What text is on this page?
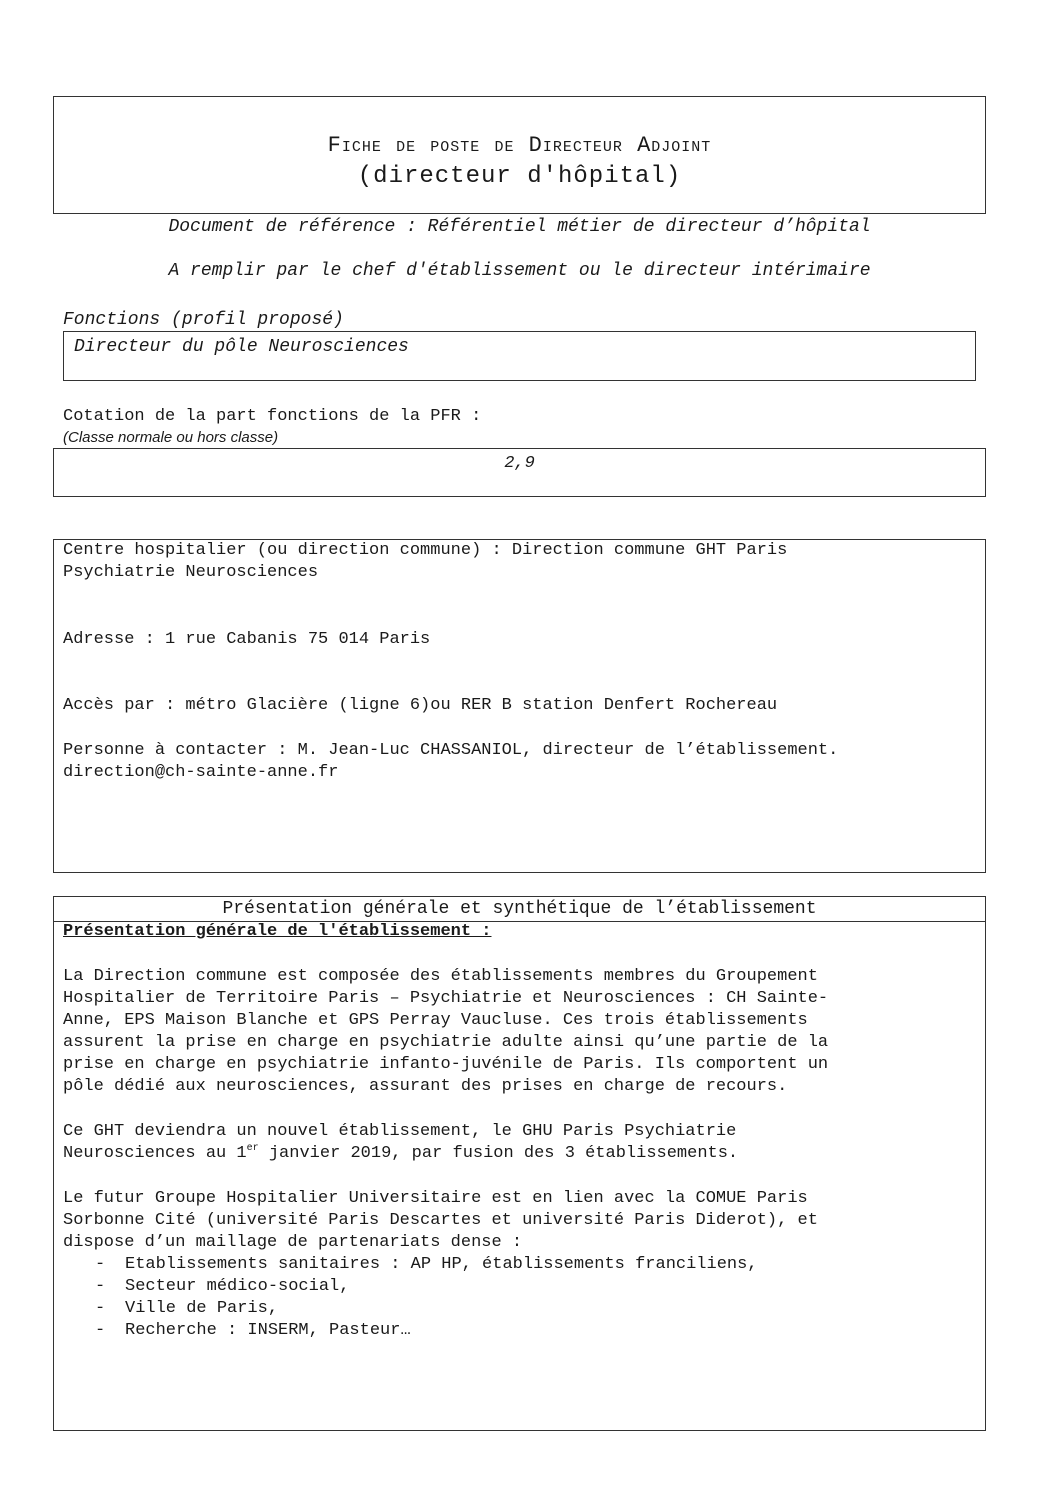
Fiche de poste de Directeur Adjoint
(directeur d'hôpital)
Document de référence : Référentiel métier de directeur d’hôpital
A remplir par le chef d'établissement ou le directeur intérimaire
Fonctions (profil proposé)
Directeur du pôle Neurosciences
Cotation de la part fonctions de la PFR :
(Classe normale ou hors classe)
2,9
Centre hospitalier (ou direction commune) : Direction commune GHT Paris
Psychiatrie Neurosciences
Adresse : 1 rue Cabanis 75 014 Paris
Accès par : métro Glacière (ligne 6)ou RER B station Denfert Rochereau
Personne à contacter : M. Jean-Luc CHASSANIOL, directeur de l’établissement.
direction@ch-sainte-anne.fr
Présentation générale et synthétique de l’établissement
Présentation générale de l'établissement :
La Direction commune est composée des établissements membres du Groupement
Hospitalier de Territoire Paris – Psychiatrie et Neurosciences : CH Sainte-
Anne, EPS Maison Blanche et GPS Perray Vaucluse. Ces trois établissements
assurent la prise en charge en psychiatrie adulte ainsi qu’une partie de la
prise en charge en psychiatrie infanto-juvénile de Paris. Ils comportent un
pôle dédié aux neurosciences, assurant des prises en charge de recours.
Ce GHT deviendra un nouvel établissement, le GHU Paris Psychiatrie
Neurosciences au 1er janvier 2019, par fusion des 3 établissements.
Le futur Groupe Hospitalier Universitaire est en lien avec la COMUE Paris
Sorbonne Cité (université Paris Descartes et université Paris Diderot), et
dispose d’un maillage de partenariats dense :
- Etablissements sanitaires : AP HP, établissements franciliens,
- Secteur médico-social,
- Ville de Paris,
- Recherche : INSERM, Pasteur…
